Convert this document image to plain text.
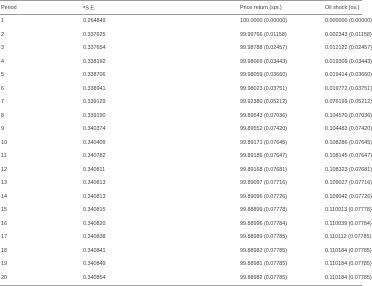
Period	$^a$S.E.	Price return (spr.)	Oil shock (os.)
1	0.264849	100.0000 (0.00000)	0.000000 (0.00000)
2	0.337625	99.99766 (0.01158)	0.002343 (0.01158)
3	0.337654	99.98788 (0.02457)	0.012122 (0.02457)
4	0.338192	99.98069 (0.03443)	0.019309 (0.03443)
5	0.338706	99.98059 (0.03660)	0.019414 (0.03660)
6	0.338941	99.98023 (0.03751)	0.019772 (0.03751)
7	0.339129	99.92380 (0.05212)	0.076199 (0.05212)
8	0.339190	99.89543 (0.07036)	0.104570 (0.07036)
9	0.340374	99.89552 (0.07420)	0.104483 (0.07420)
10	0.340409	99.89171 (0.07645)	0.108286 (0.07645)
11	0.340782	99.89186 (0.07647)	0.108145 (0.07647)
12	0.340811	99.89168 (0.07681)	0.108323 (0.07681)
13	0.340813	99.89097 (0.07716)	0.109027 (0.07716)
14	0.340813	99.89096 (0.07726)	0.109042 (0.07726)
15	0.340815	99.88899 (0.07778)	0.110013 (0.07778)
16	0.340820	99.88996 (0.07784)	0.110039 (0.07784)
17	0.340838	99.88989 (0.07785)	0.110112 (0.07785)
18	0.340841	99.88982 (0.07785)	0.110184 (0.07785)
19	0.340849	99.88981 (0.07785)	0.110184 (0.07785)
20	0.340854	99.88982 (0.07785)	0.110184 (0.07785)
